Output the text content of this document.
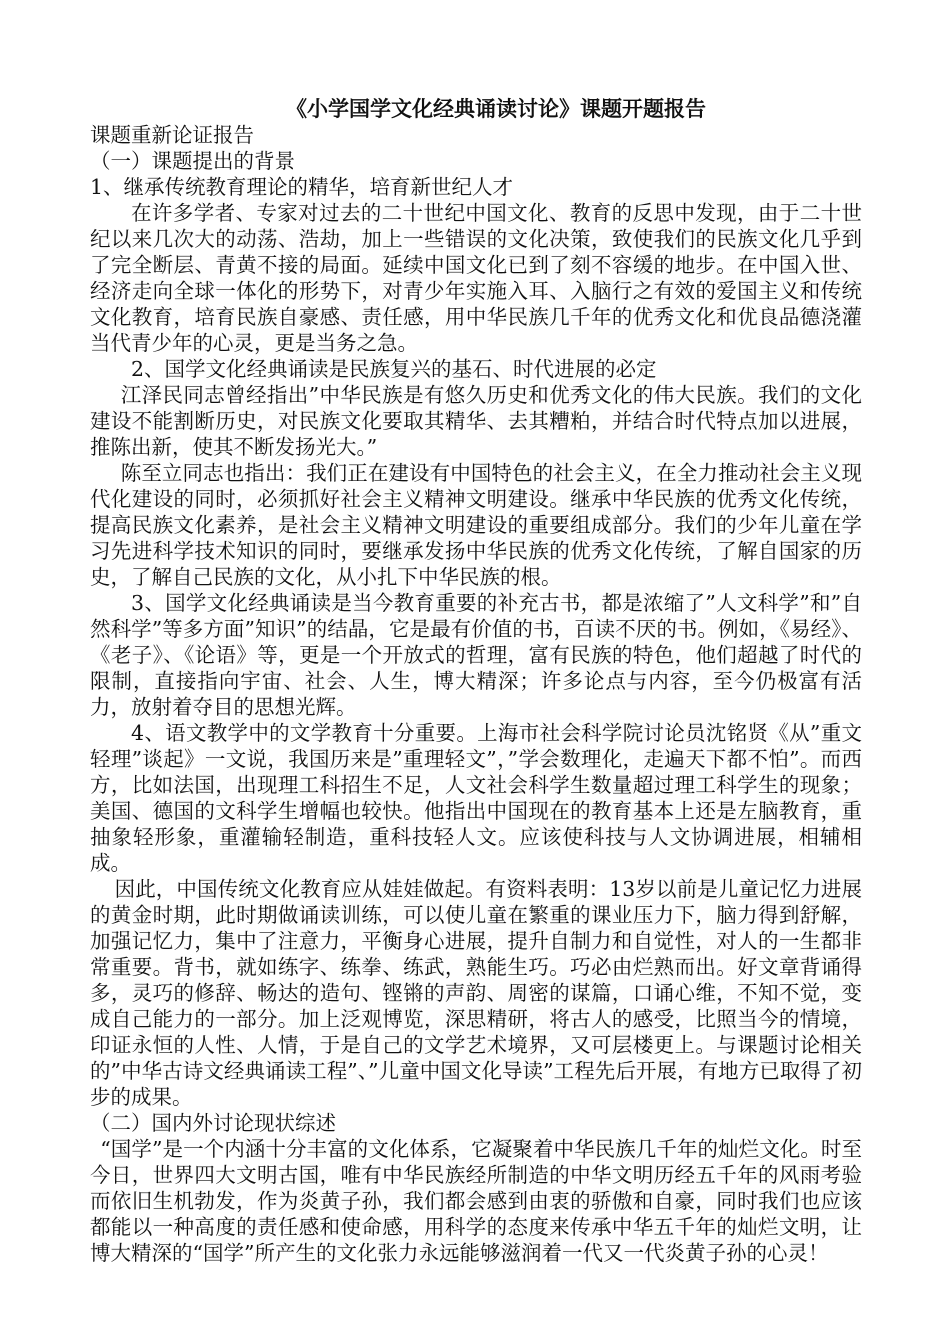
《小学国学文化经典诵读讨论》课题开题报告

课题重新论证报告

（一）课题提出的背景

1、继承传统教育理论的精华，培育新世纪人才

在许多学者、专家对过去的二十世纪中国文化、教育的反思中发现，由于二十世纪以来几次大的动荡、浩劫，加上一些错误的文化决策，致使我们的民族文化几乎到了完全断层、青黄不接的局面。延续中国文化已到了刻不容缓的地步。在中国入世、经济走向全球一体化的形势下，对青少年实施入耳、入脑行之有效的爱国主义和传统文化教育，培育民族自豪感、责任感，用中华民族几千年的优秀文化和优良品德浇灌当代青少年的心灵，更是当务之急。

2、国学文化经典诵读是民族复兴的基石、时代进展的必定

江泽民同志曾经指出”中华民族是有悠久历史和优秀文化的伟大民族。我们的文化建设不能割断历史，对民族文化要取其精华、去其糟粕，并结合时代特点加以进展，推陈出新，使其不断发扬光大。”

陈至立同志也指出：我们正在建设有中国特色的社会主义，在全力推动社会主义现代化建设的同时，必须抓好社会主义精神文明建设。继承中华民族的优秀文化传统，提高民族文化素养，是社会主义精神文明建设的重要组成部分。我们的少年儿童在学习先进科学技术知识的同时，要继承发扬中华民族的优秀文化传统，了解自国家的历史，了解自己民族的文化，从小扎下中华民族的根。

3、国学文化经典诵读是当今教育重要的补充古书，都是浓缩了”人文科学”和”自然科学”等多方面”知识”的结晶，它是最有价值的书，百读不厌的书。例如，《易经》、《老子》、《论语》等，更是一个开放式的哲理，富有民族的特色，他们超越了时代的限制，直接指向宇宙、社会、人生，博大精深；许多论点与内容，至今仍极富有活力，放射着夺目的思想光辉。

4、语文教学中的文学教育十分重要。上海市社会科学院讨论员沈铭贤《从”重文轻理”谈起》一文说，我国历来是”重理轻文”，”学会数理化，走遍天下都不怕”。而西方，比如法国，出现理工科招生不足，人文社会科学生数量超过理工科学生的现象；美国、德国的文科学生增幅也较快。他指出中国现在的教育基本上还是左脑教育，重抽象轻形象，重灌输轻制造，重科技轻人文。应该使科技与人文协调进展，相辅相成。

因此，中国传统文化教育应从娃娃做起。有资料表明：13岁以前是儿童记忆力进展的黄金时期，此时期做诵读训练，可以使儿童在繁重的课业压力下，脑力得到舒解，加强记忆力，集中了注意力，平衡身心进展，提升自制力和自觉性，对人的一生都非常重要。背书，就如练字、练拳、练武，熟能生巧。巧必由烂熟而出。好文章背诵得多，灵巧的修辞、畅达的造句、铿锵的声韵、周密的谋篇，口诵心维，不知不觉，变成自己能力的一部分。加上泛观博览，深思精研，将古人的感受，比照当今的情境，印证永恒的人性、人情，于是自己的文学艺术境界，又可层楼更上。与课题讨论相关的”中华古诗文经典诵读工程”、”儿童中国文化导读”工程先后开展，有地方已取得了初步的成果。

（二）国内外讨论现状综述

“国学”是一个内涵十分丰富的文化体系，它凝聚着中华民族几千年的灿烂文化。时至今日，世界四大文明古国，唯有中华民族经所制造的中华文明历经五千年的风雨考验而依旧生机勃发，作为炎黄子孙，我们都会感到由衷的骄傲和自豪，同时我们也应该都能以一种高度的责任感和使命感，用科学的态度来传承中华五千年的灿烂文明，让博大精深的“国学”所产生的文化张力永远能够滋润着一代又一代炎黄子孙的心灵！
